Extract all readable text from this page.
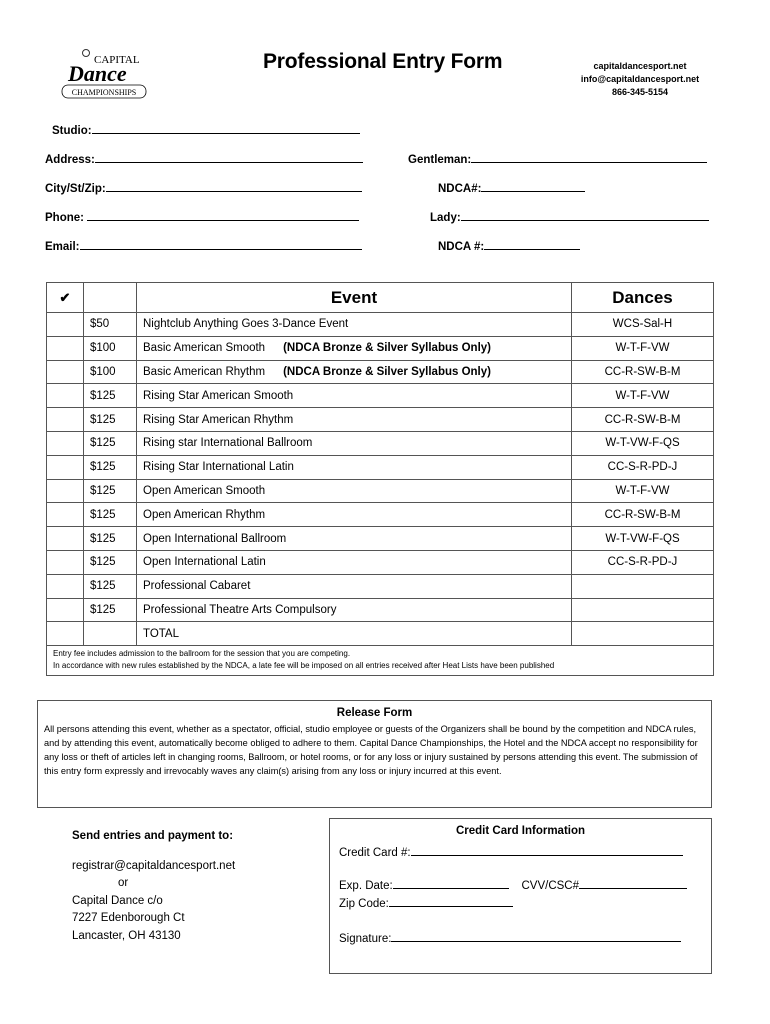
CAPITAL
Dance
CHAMPIONSHIPS
Professional Entry Form	capitaldancesport.net
info@capitaldancesport.net
866-345-5154
Studio:
Address:
City/St/Zip:
Phone:
Email:
Gentleman:
NDCA#:
Lady:
NDCA #:
✔		Event	Dances
	$50	Nightclub Anything Goes 3-Dance Event	WCS-Sal-H
	$100	Basic American Smooth (NDCA Bronze & Silver Syllabus Only)	W-T-F-VW
	$100	Basic American Rhythm (NDCA Bronze & Silver Syllabus Only)	CC-R-SW-B-M
	$125	Rising Star American Smooth	W-T-F-VW
	$125	Rising Star American Rhythm	CC-R-SW-B-M
	$125	Rising star International Ballroom	W-T-VW-F-QS
	$125	Rising Star International Latin	CC-S-R-PD-J
	$125	Open American Smooth	W-T-F-VW
	$125	Open American Rhythm	CC-R-SW-B-M
	$125	Open International Ballroom	W-T-VW-F-QS
	$125	Open International Latin	CC-S-R-PD-J
	$125	Professional Cabaret	
	$125	Professional Theatre Arts Compulsory	
		TOTAL	

Entry fee includes admission to the ballroom for the session that you are competing.
In accordance with new rules established by the NDCA, a late fee will be imposed on all entries received after Heat Lists have been published			
Release Form

All persons attending this event, whether as a spectator, official, studio employee or guests of the Organizers shall be bound by the competition and NDCA rules, and by attending this event, automatically become obliged to adhere to them. Capital Dance Championships, the Hotel and the NDCA accept no responsibility for any loss or theft of articles left in changing rooms, Ballroom, or hotel rooms, or for any loss or injury sustained by persons attending this event. The submission of this entry form expressly and irrevocably waves any claim(s) arising from any loss or injury incurred at this event.

Send entries and payment to:
registrar@capitaldancesport.net
or
Capital Dance c/o
7227 Edenborough Ct
Lancaster, OH 43130
Credit Card Information
Credit Card #:
Exp. Date:	CVV/CSC#
Zip Code:
Signature:
